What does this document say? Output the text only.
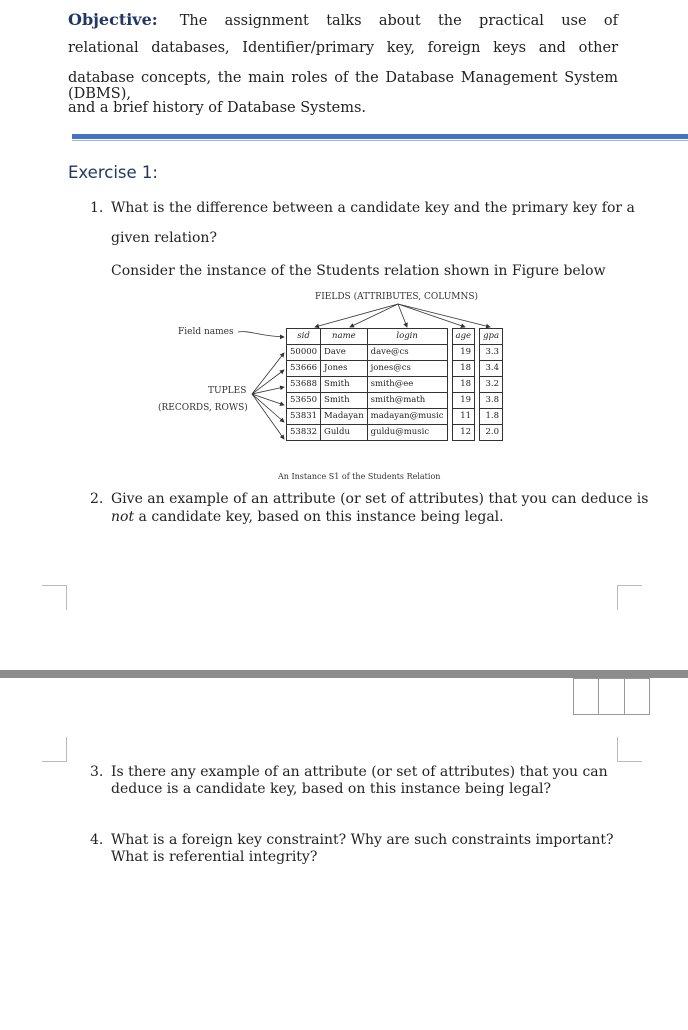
Objective: The assignment talks about the practical use of
relational databases, Identifier/primary key, foreign keys and other
database concepts, the main roles of the Database Management System (DBMS),
and a brief history of Database Systems.
Exercise 1:
1. What is the difference between a candidate key and the primary key for a
given relation?
Consider the instance of the Students relation shown in Figure below
FIELDS (ATTRIBUTES, COLUMNS)
Field names
TUPLES
(RECORDS, ROWS)
sid	name	login		age		gpa
50000	Dave	dave@cs		19		3.3
53666	Jones	jones@cs		18		3.4
53688	Smith	smith@ee		18		3.2
53650	Smith	smith@math		19		3.8
53831	Madayan	madayan@music		11		1.8
53832	Guldu	guldu@music		12		2.0
An Instance S1 of the Students Relation
2. Give an example of an attribute (or set of attributes) that you can deduce is
not a candidate key, based on this instance being legal.
3. Is there any example of an attribute (or set of attributes) that you can
deduce is a candidate key, based on this instance being legal?
4. What is a foreign key constraint? Why are such constraints important?
What is referential integrity?
